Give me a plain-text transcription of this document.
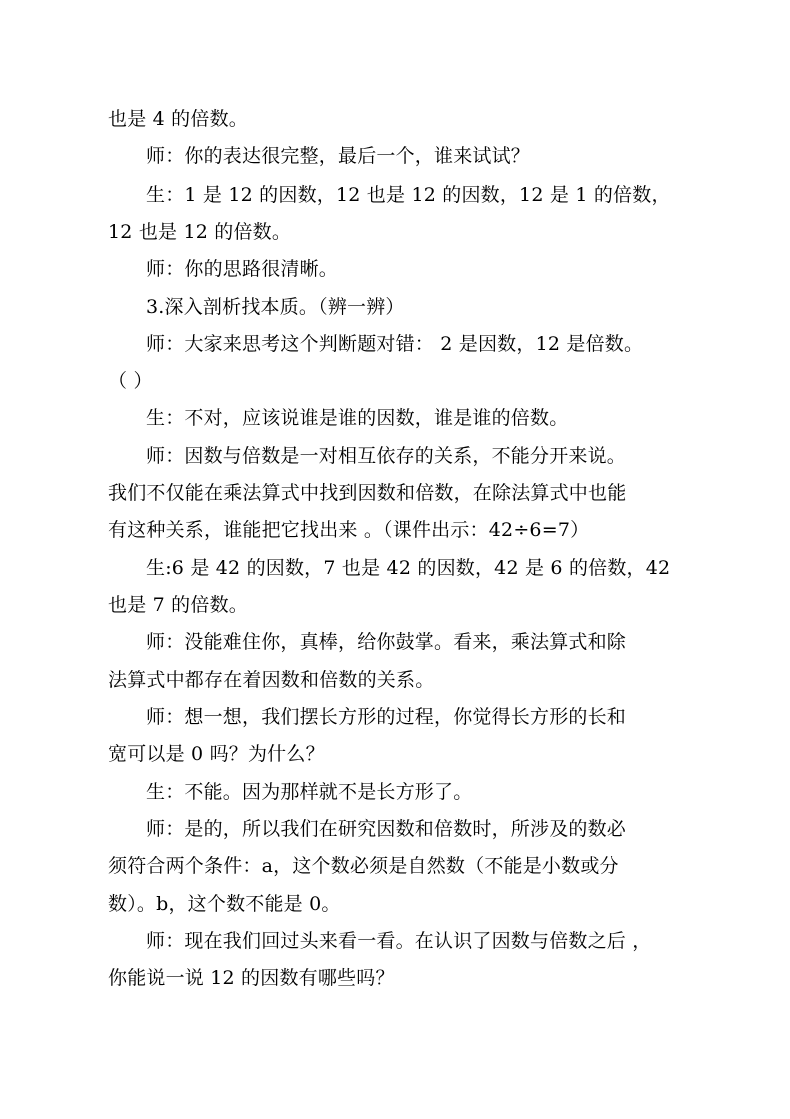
也是 4 的倍数。
师：你的表达很完整，最后一个，谁来试试？
生：1 是 12 的因数，12 也是 12 的因数，12 是 1 的倍数，
12 也是 12 的倍数。
师：你的思路很清晰。
3.深入剖析找本质。（辨一辨）
师：大家来思考这个判断题对错： 2 是因数，12 是倍数。
（ ）
生：不对，应该说谁是谁的因数，谁是谁的倍数。
师：因数与倍数是一对相互依存的关系，不能分开来说。
我们不仅能在乘法算式中找到因数和倍数，在除法算式中也能
有这种关系，谁能把它找出来 。（课件出示：42÷6=7）
生:6 是 42 的因数，7 也是 42 的因数，42 是 6 的倍数，42
也是 7 的倍数。
师：没能难住你，真棒，给你鼓掌。看来，乘法算式和除
法算式中都存在着因数和倍数的关系。
师：想一想，我们摆长方形的过程，你觉得长方形的长和
宽可以是 0 吗？为什么？
生：不能。因为那样就不是长方形了。
师：是的，所以我们在研究因数和倍数时，所涉及的数必
须符合两个条件：a，这个数必须是自然数（不能是小数或分
数）。b，这个数不能是 0。
师：现在我们回过头来看一看。在认识了因数与倍数之后 ，
你能说一说 12 的因数有哪些吗？
